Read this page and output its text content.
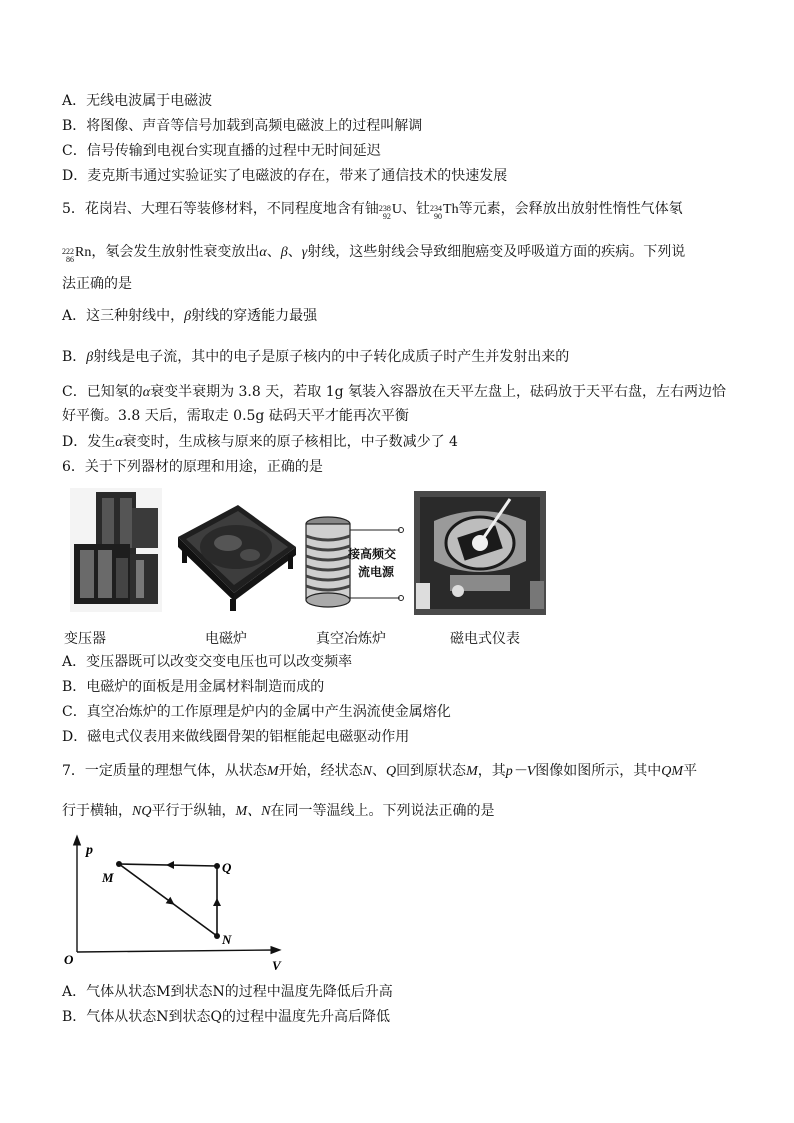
A．无线电波属于电磁波
B．将图像、声音等信号加载到高频电磁波上的过程叫解调
C．信号传输到电视台实现直播的过程中无时间延迟
D．麦克斯韦通过实验证实了电磁波的存在，带来了通信技术的快速发展
5．花岗岩、大理石等装修材料，不同程度地含有铀 238
92 U、钍 234
90 Th等元素，会释放出放射性惰性气体氡
222
86 Rn，氡会发生放射性衰变放出α、β、γ射线，这些射线会导致细胞癌变及呼吸道方面的疾病。下列说
法正确的是
A．这三种射线中，β射线的穿透能力最强
B．β射线是电子流，其中的电子是原子核内的中子转化成质子时产生并发射出来的
C．已知氡的α衰变半衰期为 3.8 天，若取 1g 氡装入容器放在天平左盘上，砝码放于天平右盘，左右两边恰
好平衡。3.8 天后，需取走 0.5g 砝码天平才能再次平衡
D．发生α衰变时，生成核与原来的原子核相比，中子数减少了 4
6．关于下列器材的原理和用途，正确的是
接高频交
流电源
变压器	电磁炉	真空冶炼炉	磁电式仪表
A．变压器既可以改变交变电压也可以改变频率
B．电磁炉的面板是用金属材料制造而成的
C．真空冶炼炉的工作原理是炉内的金属中产生涡流使金属熔化
D．磁电式仪表用来做线圈骨架的铝框能起电磁驱动作用
7．一定质量的理想气体，从状态M开始，经状态N、Q回到原状态M，其p－V图像如图所示，其中QM平
行于横轴，NQ平行于纵轴，M、N在同一等温线上。下列说法正确的是
p
V
O
M
Q
N
A．气体从状态M到状态N的过程中温度先降低后升高
B．气体从状态N到状态Q的过程中温度先升高后降低
